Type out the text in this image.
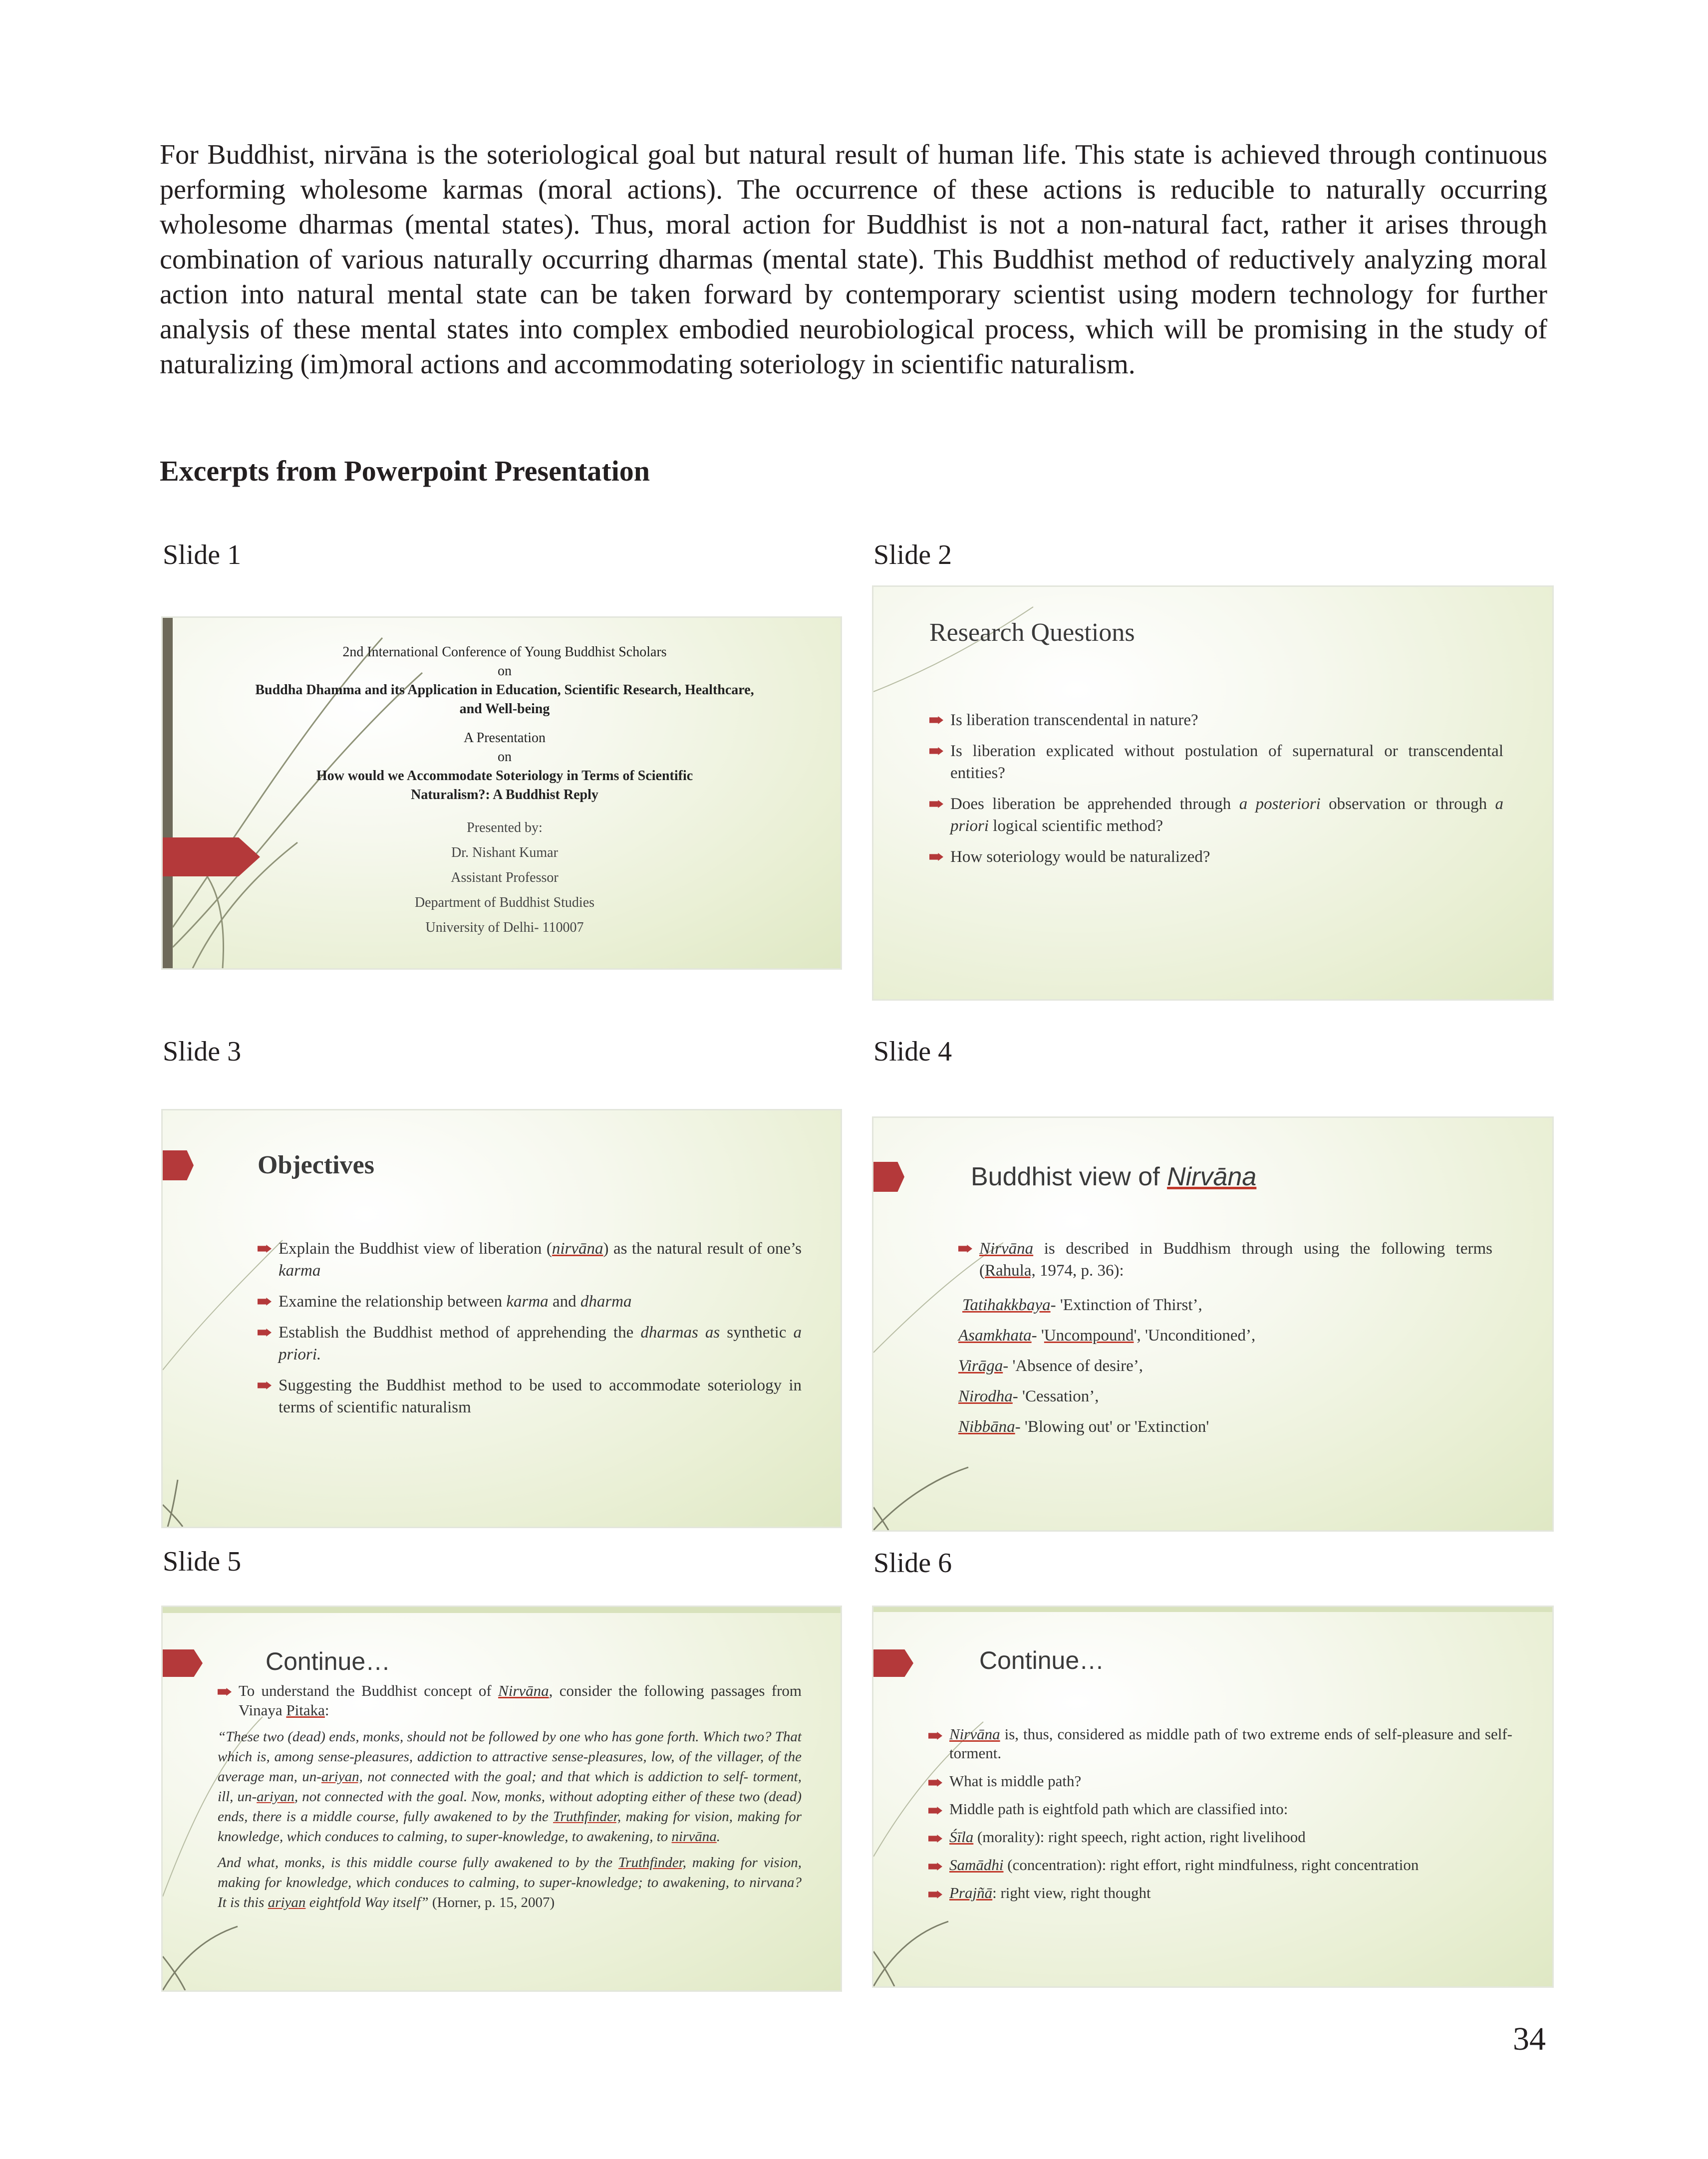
For Buddhist, nirvāna is the soteriological goal but natural result of human life. This state is achieved through continuous performing wholesome karmas (moral actions). The occurrence of these actions is reducible to naturally occurring wholesome dharmas (mental states). Thus, moral action for Buddhist is not a non-natural fact, rather it arises through combination of various naturally occurring dharmas (mental state). This Buddhist method of reductively analyzing moral action into natural mental state can be taken forward by contemporary scientist using modern technology for further analysis of these mental states into complex embodied neurobiological process, which will be promising in the study of naturalizing (im)moral actions and accommodating soteriology in scientific naturalism.

Excerpts from Powerpoint Presentation
Slide 1	Slide 2
Slide 3	Slide 4
Slide 5	Slide 6
2nd International Conference of Young Buddhist Scholars
on
Buddha Dhamma and its Application in Education, Scientific Research, Healthcare,
and Well-being
A Presentation
on
How would we Accommodate Soteriology in Terms of Scientific
Naturalism?: A Buddhist Reply
Presented by:
Dr. Nishant Kumar
Assistant Professor
Department of Buddhist Studies
University of Delhi- 110007
Research Questions
Is liberation transcendental in nature?
Is liberation explicated without postulation of supernatural or transcendental entities?
Does liberation be apprehended through a posteriori observation or through a priori logical scientific method?
How soteriology would be naturalized?
Objectives
Explain the Buddhist view of liberation (nirvāna) as the natural result of one’s karma
Examine the relationship between karma and dharma
Establish the Buddhist method of apprehending the dharmas as synthetic a priori.
Suggesting the Buddhist method to be used to accommodate soteriology in terms of scientific naturalism
Buddhist view of Nirvāna
Nirvāna is described in Buddhism through using the following terms (Rahula, 1974, p. 36):
Tatihakkbaya- 'Extinction of Thirst’,
Asamkhata- 'Uncompound', 'Unconditioned’,
Virāga- 'Absence of desire’,
Nirodha- 'Cessation’,
Nibbāna- 'Blowing out' or 'Extinction'
Continue…
To understand the Buddhist concept of Nirvāna, consider the following passages from Vinaya Pitaka:

“These two (dead) ends, monks, should not be followed by one who has gone forth. Which two? That which is, among sense-pleasures, addiction to attractive sense-pleasures, low, of the villager, of the average man, un-ariyan, not connected with the goal; and that which is addiction to self- torment, ill, un-ariyan, not connected with the goal. Now, monks, without adopting either of these two (dead) ends, there is a middle course, fully awakened to by the Truthfinder, making for vision, making for knowledge, which conduces to calming, to super-knowledge, to awakening, to nirvāna.

And what, monks, is this middle course fully awakened to by the Truthfinder, making for vision, making for knowledge, which conduces to calming, to super-knowledge; to awakening, to nirvana? It is this ariyan eightfold Way itself” (Horner, p. 15, 2007)

Continue…
Nirvāna is, thus, considered as middle path of two extreme ends of self-pleasure and self-torment.
What is middle path?
Middle path is eightfold path which are classified into:
Śīla (morality): right speech, right action, right livelihood
Samādhi (concentration): right effort, right mindfulness, right concentration
Prajñā: right view, right thought
34
